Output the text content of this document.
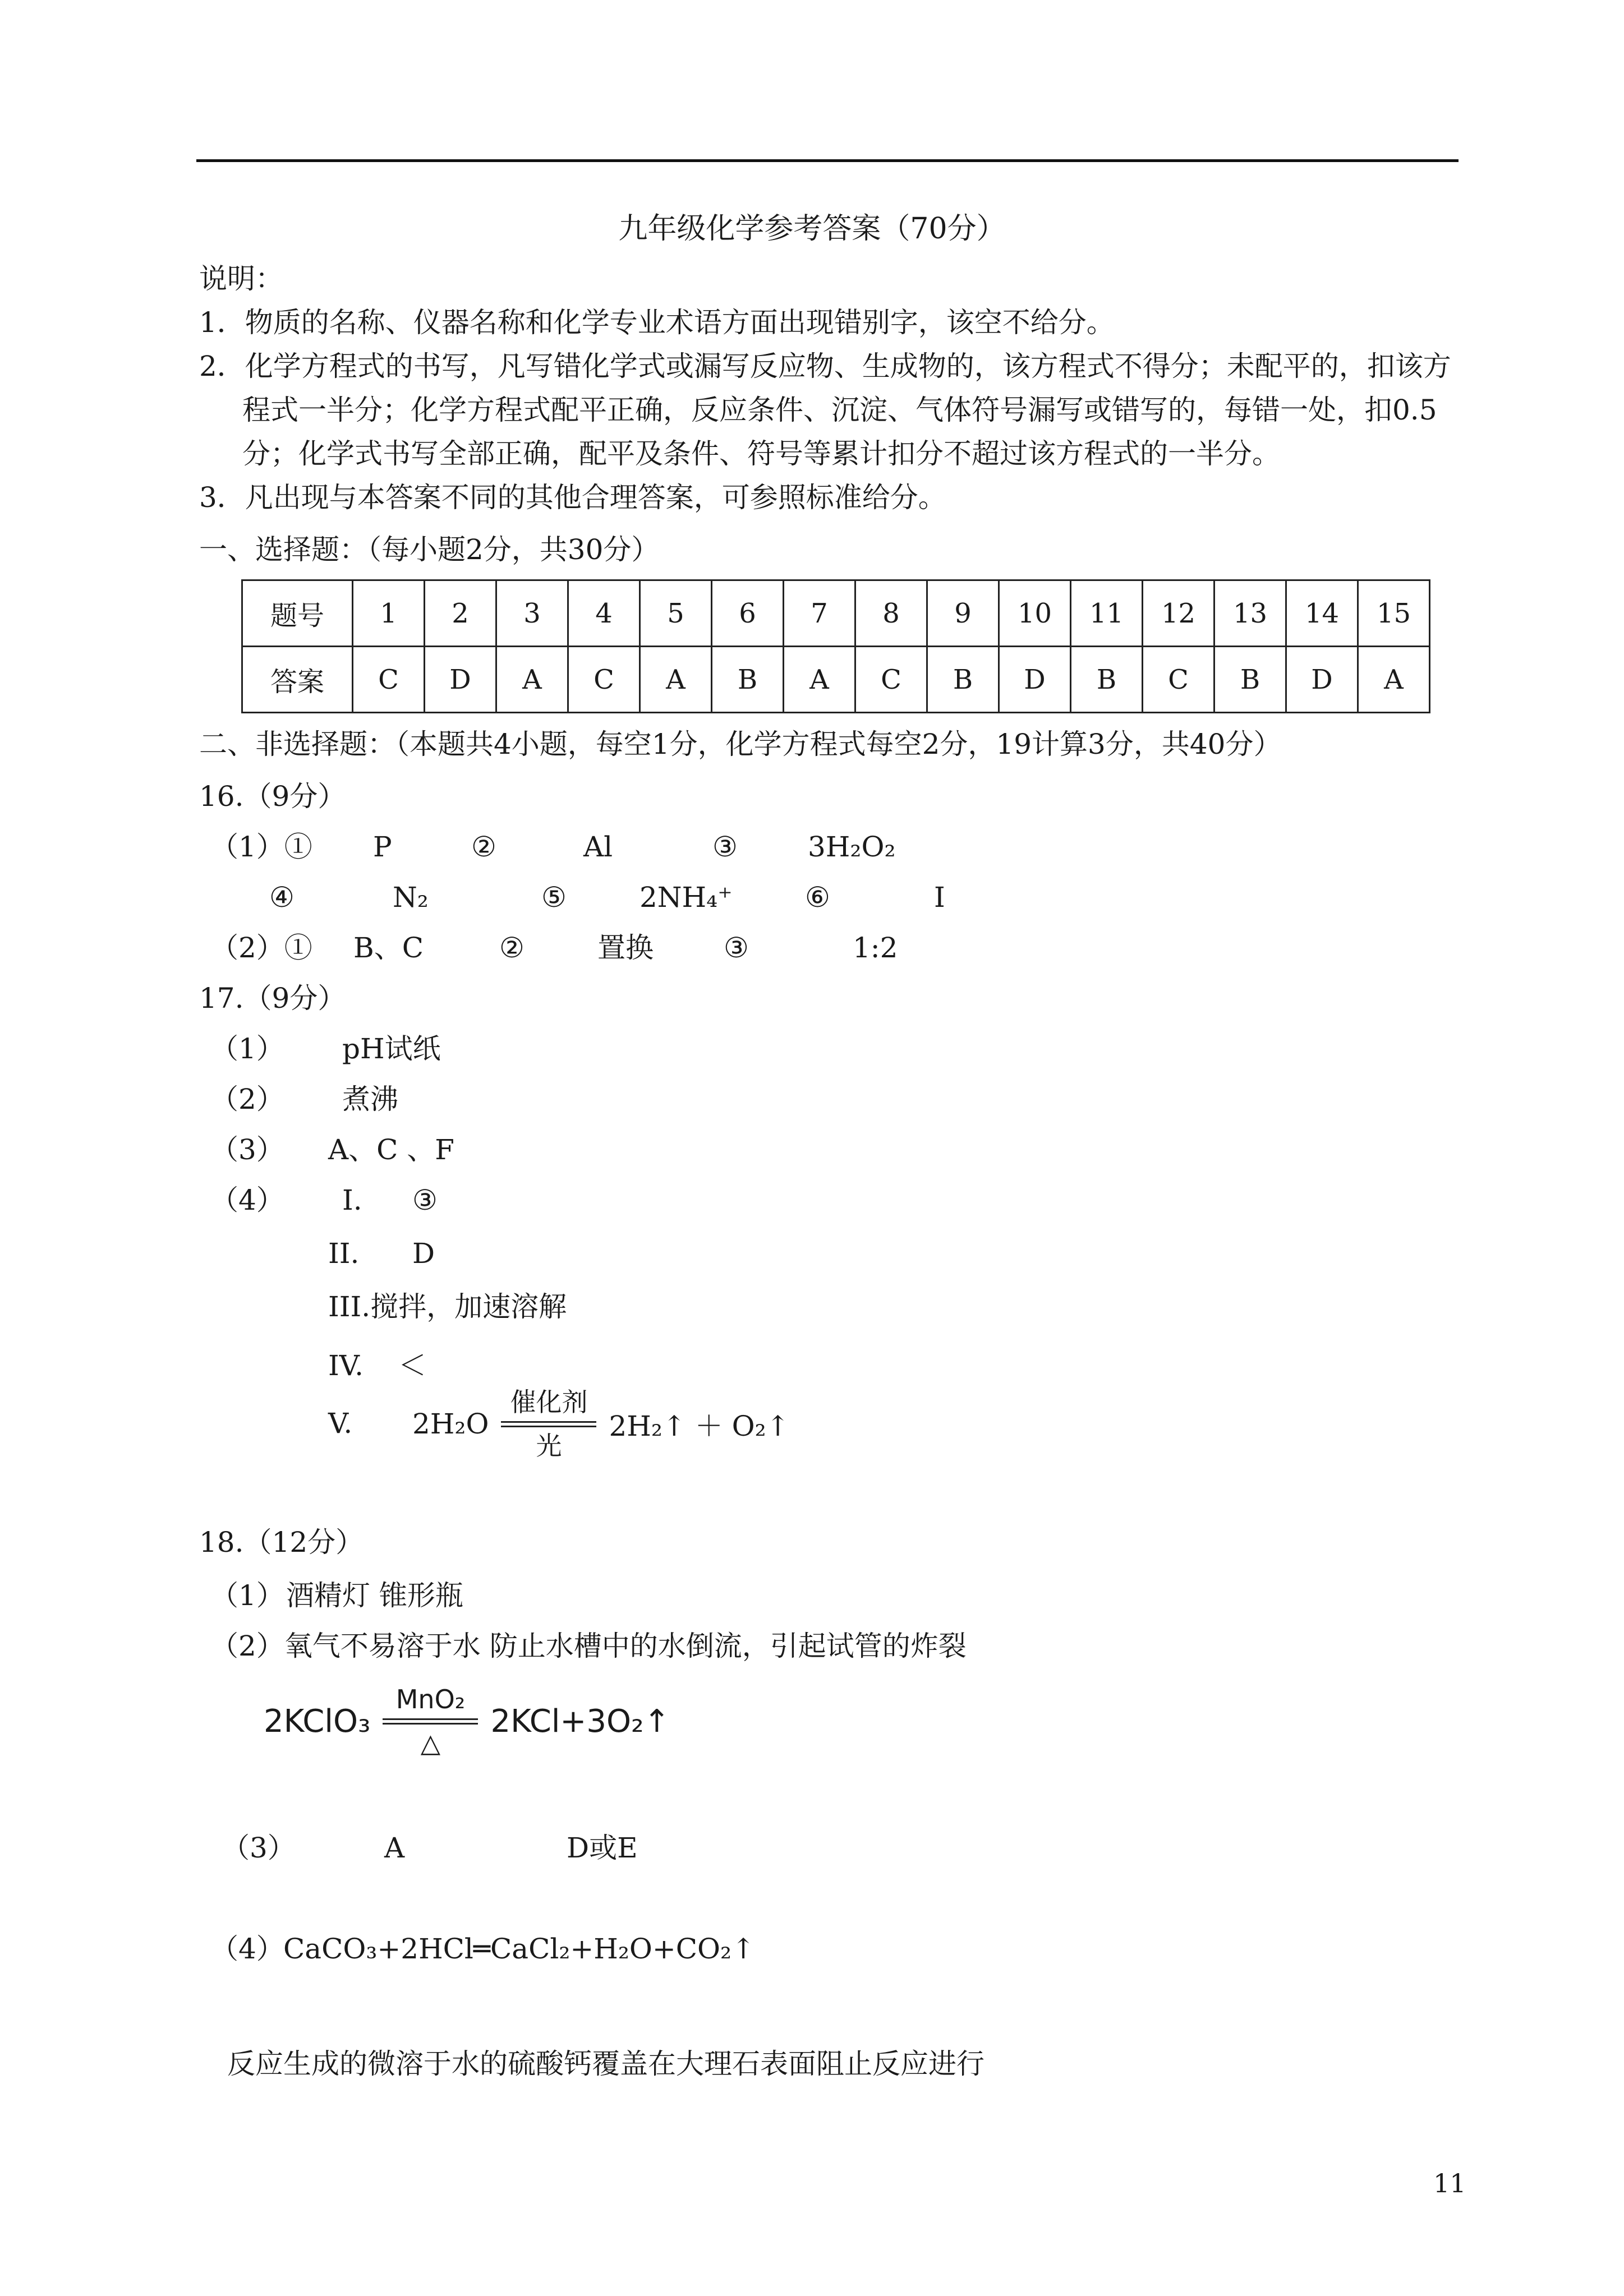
九年级化学参考答案（70分）
说明：
1．物质的名称、仪器名称和化学专业术语方面出现错别字，该空不给分。
2．化学方程式的书写，凡写错化学式或漏写反应物、生成物的，该方程式不得分；未配平的，扣该方
程式一半分；化学方程式配平正确，反应条件、沉淀、气体符号漏写或错写的，每错一处，扣0.5
分；化学式书写全部正确，配平及条件、符号等累计扣分不超过该方程式的一半分。
3．凡出现与本答案不同的其他合理答案，可参照标准给分。
一、选择题：（每小题2分，共30分）
题号	1	2	3	4	5	6	7	8	9	10	11	12	13	14	15
答案	C	D	A	C	A	B	A	C	B	D	B	C	B	D	A
二、非选择题：（本题共4小题，每空1分，化学方程式每空2分，19计算3分，共40分）
16.（9分）
（1）① P	②	Al	③	3H₂O₂
④	N₂	⑤	2NH₄⁺	⑥	I
（2）① B、C	②	置换	③	1:2
17.（9分）
（1） pH试纸
（2） 煮沸
（3） A、C 、F
（4） I. ③
II. D
III.搅拌，加速溶解
IV. ＜
V. 2H₂O
催化剂
光
2H₂↑ ＋ O₂↑
18.（12分）
（1） 酒精灯 锥形瓶
（2）氧气不易溶于水 防止水槽中的水倒流，引起试管的炸裂
2KClO₃
MnO₂
△
2KCl+3O₂↑
（3）	A	D或E
（4）
CaCO₃+2HCl═CaCl₂+H₂O+CO₂↑
反应生成的微溶于水的硫酸钙覆盖在大理石表面阻止反应进行
11
